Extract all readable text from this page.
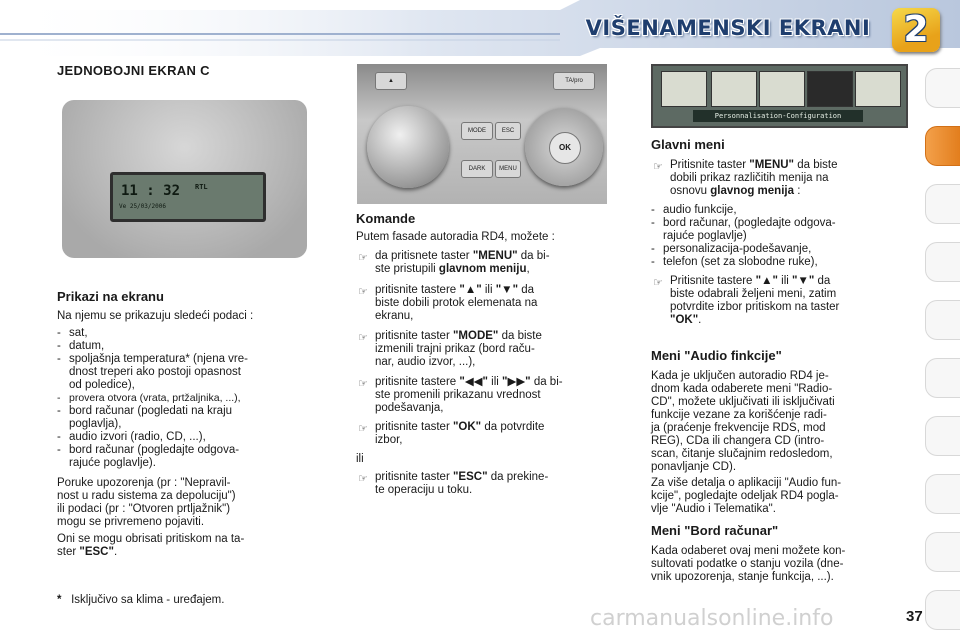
VIŠENAMENSKI EKRANI 2
JEDNOBOJNI EKRAN C
11 : 32
Ve 25/03/2006
RTL
Prikazi na ekranu
Na njemu se prikazuju sledeći podaci :
- sat,
- datum,
- spoljašnja temperatura* (njena vre-
dnost treperi ako postoji opasnost
od poledice),
- provera otvora (vrata, prtžaljnika, ...),
- bord računar (pogledati na kraju
poglavlja),
- audio izvori (radio, CD, ...),
- bord računar (pogledajte odgova-
rajuće poglavlje).
Poruke upozorenja (pr : "Nepravil-
nost u radu sistema za depoluciju")
ili podaci (pr : "Otvoren prtljažnik")
mogu se privremeno pojaviti.
Oni se mogu obrisati pritiskom na ta-
ster "ESC".
* Isključivo sa klima - uređajem.
▲	TA/pro
MODE
DARK
ESC
MENU
OK
Komande
Putem fasade autoradia RD4, možete :
☞ da pritisnete taster "MENU" da bi-
ste pristupili glavnom meniju,
☞ pritisnite tastere "▲" ili "▼" da
biste dobili protok elemenata na
ekranu,
☞ pritisnite taster "MODE" da biste
izmenili trajni prikaz (bord raču-
nar, audio izvor, ...),
☞ pritisnite tastere "◀◀" ili "▶▶" da bi-
ste promenili prikazanu vrednost
podešavanja,
☞ pritisnite taster "OK" da potvrdite
izbor,
ili
☞ pritisnite taster "ESC" da prekine-
te operaciju u toku.
Personnalisation-Configuration
Glavni meni
☞ Pritisnite taster "MENU" da biste
dobili prikaz različitih menija na
osnovu glavnog menija :
- audio funkcije,
- bord računar, (pogledajte odgova-
rajuće poglavlje)
- personalizacija-podešavanje,
- telefon (set za slobodne ruke),
☞ Pritisnite tastere "▲" ili "▼" da
biste odabrali željeni meni, zatim
potvrdite izbor pritiskom na taster
"OK".
Meni "Audio finkcije"
Kada je uključen autoradio RD4 je-
dnom kada odaberete meni "Radio-
CD", možete uključivati ili isključivati
funkcije vezane za korišćenje radi-
ja (praćenje frekvencije RDS, mod
REG), CDa ili changera CD (intro-
scan, čitanje slučajnim redosledom,
ponavljanje CD).
Za više detalja o aplikaciji "Audio fun-
kcije", pogledajte odeljak RD4 pogla-
vlje "Audio i Telematika".
Meni "Bord računar"
Kada odaberet ovaj meni možete kon-
sultovati podatke o stanju vozila (dne-
vnik upozorenja, stanje funkcija, ...).
carmanualsonline.info	37
